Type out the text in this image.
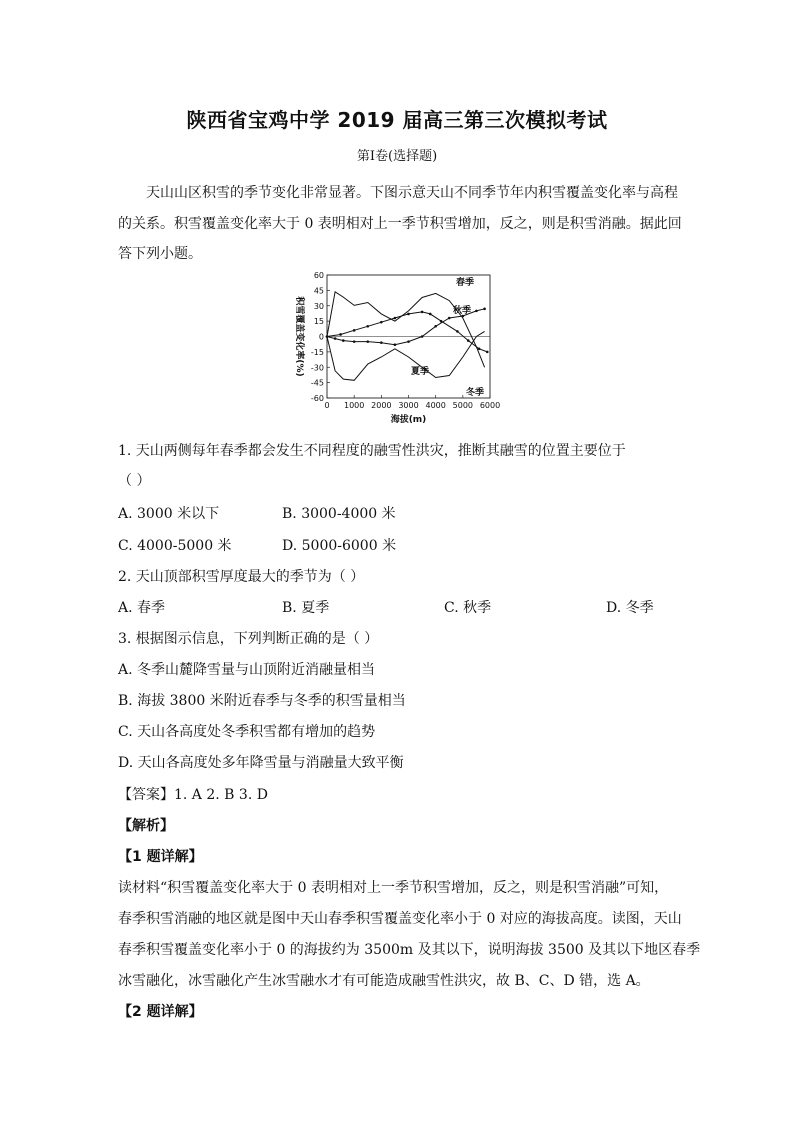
陕西省宝鸡中学 2019 届高三第三次模拟考试
第Ⅰ卷(选择题)
天山山区积雪的季节变化非常显著。下图示意天山不同季节年内积雪覆盖变化率与高程
的关系。积雪覆盖变化率大于 0 表明相对上一季节积雪增加，反之，则是积雪消融。据此回
答下列小题。
60
45
30
15
0
-15
-30
-45
-60
0 1000 2000 3000 4000 5000 6000
海拔(m)
积雪覆盖变化率(%)
春季
秋季
夏季
冬季
1. 天山两侧每年春季都会发生不同程度的融雪性洪灾，推断其融雪的位置主要位于
（ ）
A. 3000 米以下	B. 3000-4000 米
C. 4000-5000 米	D. 5000-6000 米
2. 天山顶部积雪厚度最大的季节为（ ）
A. 春季	B. 夏季	C. 秋季	D. 冬季
3. 根据图示信息，下列判断正确的是（ ）
A. 冬季山麓降雪量与山顶附近消融量相当
B. 海拔 3800 米附近春季与冬季的积雪量相当
C. 天山各高度处冬季积雪都有增加的趋势
D. 天山各高度处多年降雪量与消融量大致平衡
【答案】1. A 2. B 3. D
【解析】
【1 题详解】
读材料“积雪覆盖变化率大于 0 表明相对上一季节积雪增加，反之，则是积雪消融”可知，
春季积雪消融的地区就是图中天山春季积雪覆盖变化率小于 0 对应的海拔高度。读图，天山
春季积雪覆盖变化率小于 0 的海拔约为 3500m 及其以下，说明海拔 3500 及其以下地区春季
冰雪融化，冰雪融化产生冰雪融水才有可能造成融雪性洪灾，故 B、C、D 错，选 A。
【2 题详解】
